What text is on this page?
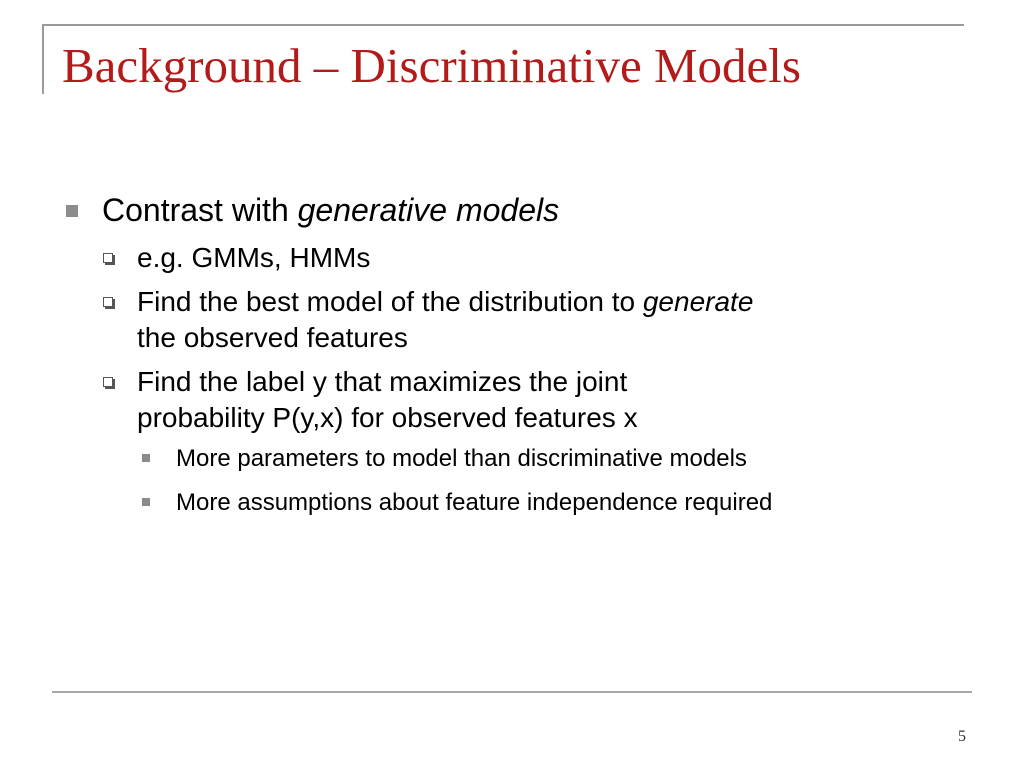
Background – Discriminative Models
Contrast with generative models
e.g. GMMs, HMMs
Find the best model of the distribution to generate
the observed features
Find the label y that maximizes the joint
probability P(y,x) for observed features x
More parameters to model than discriminative models
More assumptions about feature independence required
5
